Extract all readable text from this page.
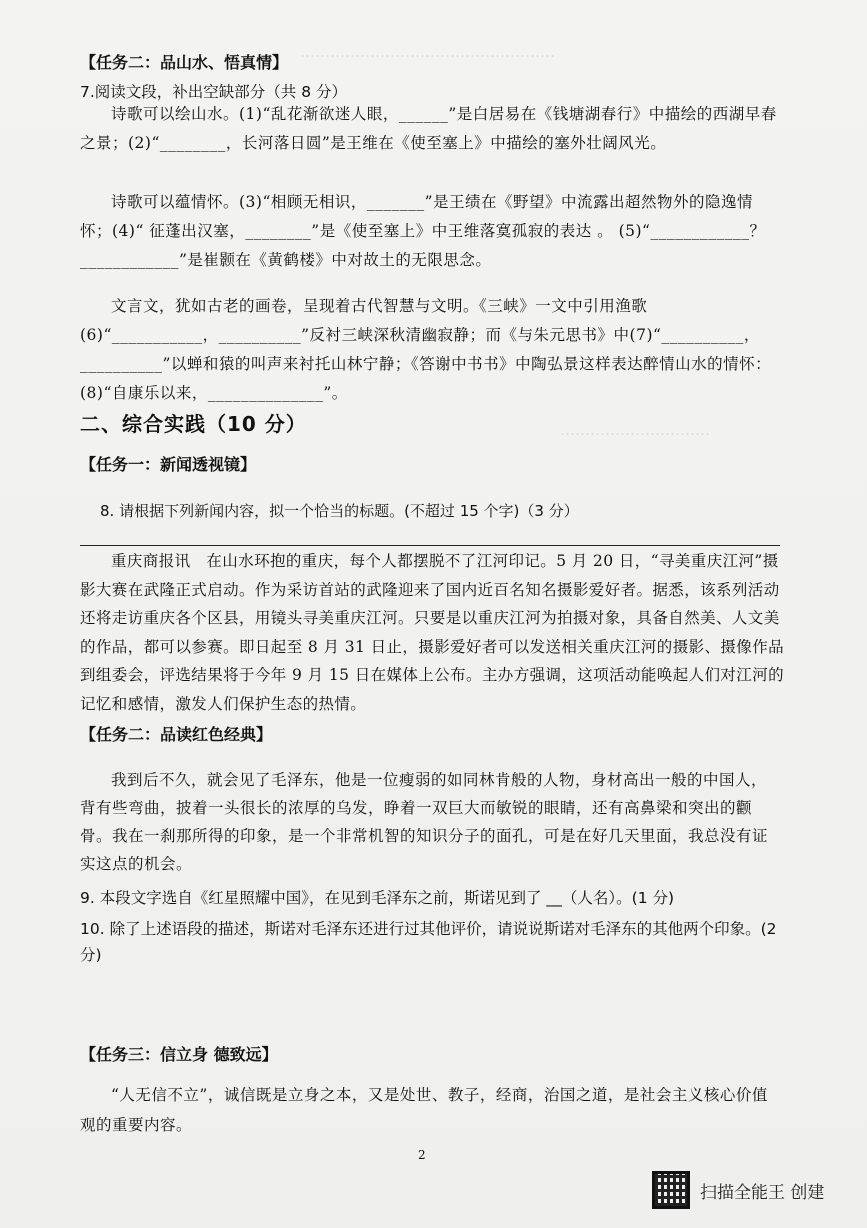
……………………………………………
…………………………
【任务二：品山水、悟真情】
7.阅读文段，补出空缺部分（共 8 分）
诗歌可以绘山水。(1)“乱花渐欲迷人眼，______”是白居易在《钱塘湖春行》中描绘的西湖早春之景；(2)“________，长河落日圆”是王维在《使至塞上》中描绘的塞外壮阔风光。
诗歌可以蕴情怀。(3)“相顾无相识，_______”是王绩在《野望》中流露出超然物外的隐逸情怀；(4)“ 征蓬出汉塞，________”是《使至塞上》中王维落寞孤寂的表达 。 (5)“____________？ ____________”是崔颢在《黄鹤楼》中对故土的无限思念。
文言文，犹如古老的画卷，呈现着古代智慧与文明。《三峡》一文中引用渔歌(6)“___________，__________”反衬三峡深秋清幽寂静；而《与朱元思书》中(7)“__________，__________”以蝉和猿的叫声来衬托山林宁静；《答谢中书书》中陶弘景这样表达醉情山水的情怀：(8)“自康乐以来，______________”。
二、综合实践（10 分）
【任务一：新闻透视镜】
8. 请根据下列新闻内容，拟一个恰当的标题。(不超过 15 个字)（3 分）
重庆商报讯　在山水环抱的重庆，每个人都摆脱不了江河印记。5 月 20 日，“寻美重庆江河”摄影大赛在武隆正式启动。作为采访首站的武隆迎来了国内近百名知名摄影爱好者。据悉，该系列活动还将走访重庆各个区县，用镜头寻美重庆江河。只要是以重庆江河为拍摄对象，具备自然美、人文美的作品，都可以参赛。即日起至 8 月 31 日止，摄影爱好者可以发送相关重庆江河的摄影、摄像作品到组委会，评选结果将于今年 9 月 15 日在媒体上公布。主办方强调，这项活动能唤起人们对江河的记忆和感情，激发人们保护生态的热情。
【任务二：品读红色经典】
我到后不久，就会见了毛泽东，他是一位瘦弱的如同林肯般的人物，身材高出一般的中国人，背有些弯曲，披着一头很长的浓厚的乌发，睁着一双巨大而敏锐的眼睛，还有高鼻梁和突出的颧骨。我在一刹那所得的印象，是一个非常机智的知识分子的面孔，可是在好几天里面，我总没有证实这点的机会。
9. 本段文字选自《红星照耀中国》，在见到毛泽东之前，斯诺见到了 __（人名）。(1 分)
10. 除了上述语段的描述，斯诺对毛泽东还进行过其他评价，请说说斯诺对毛泽东的其他两个印象。(2 分)
【任务三：信立身 德致远】
“人无信不立”，诚信既是立身之本，又是处世、教子，经商，治国之道，是社会主义核心价值观的重要内容。
2
扫描全能王 创建
